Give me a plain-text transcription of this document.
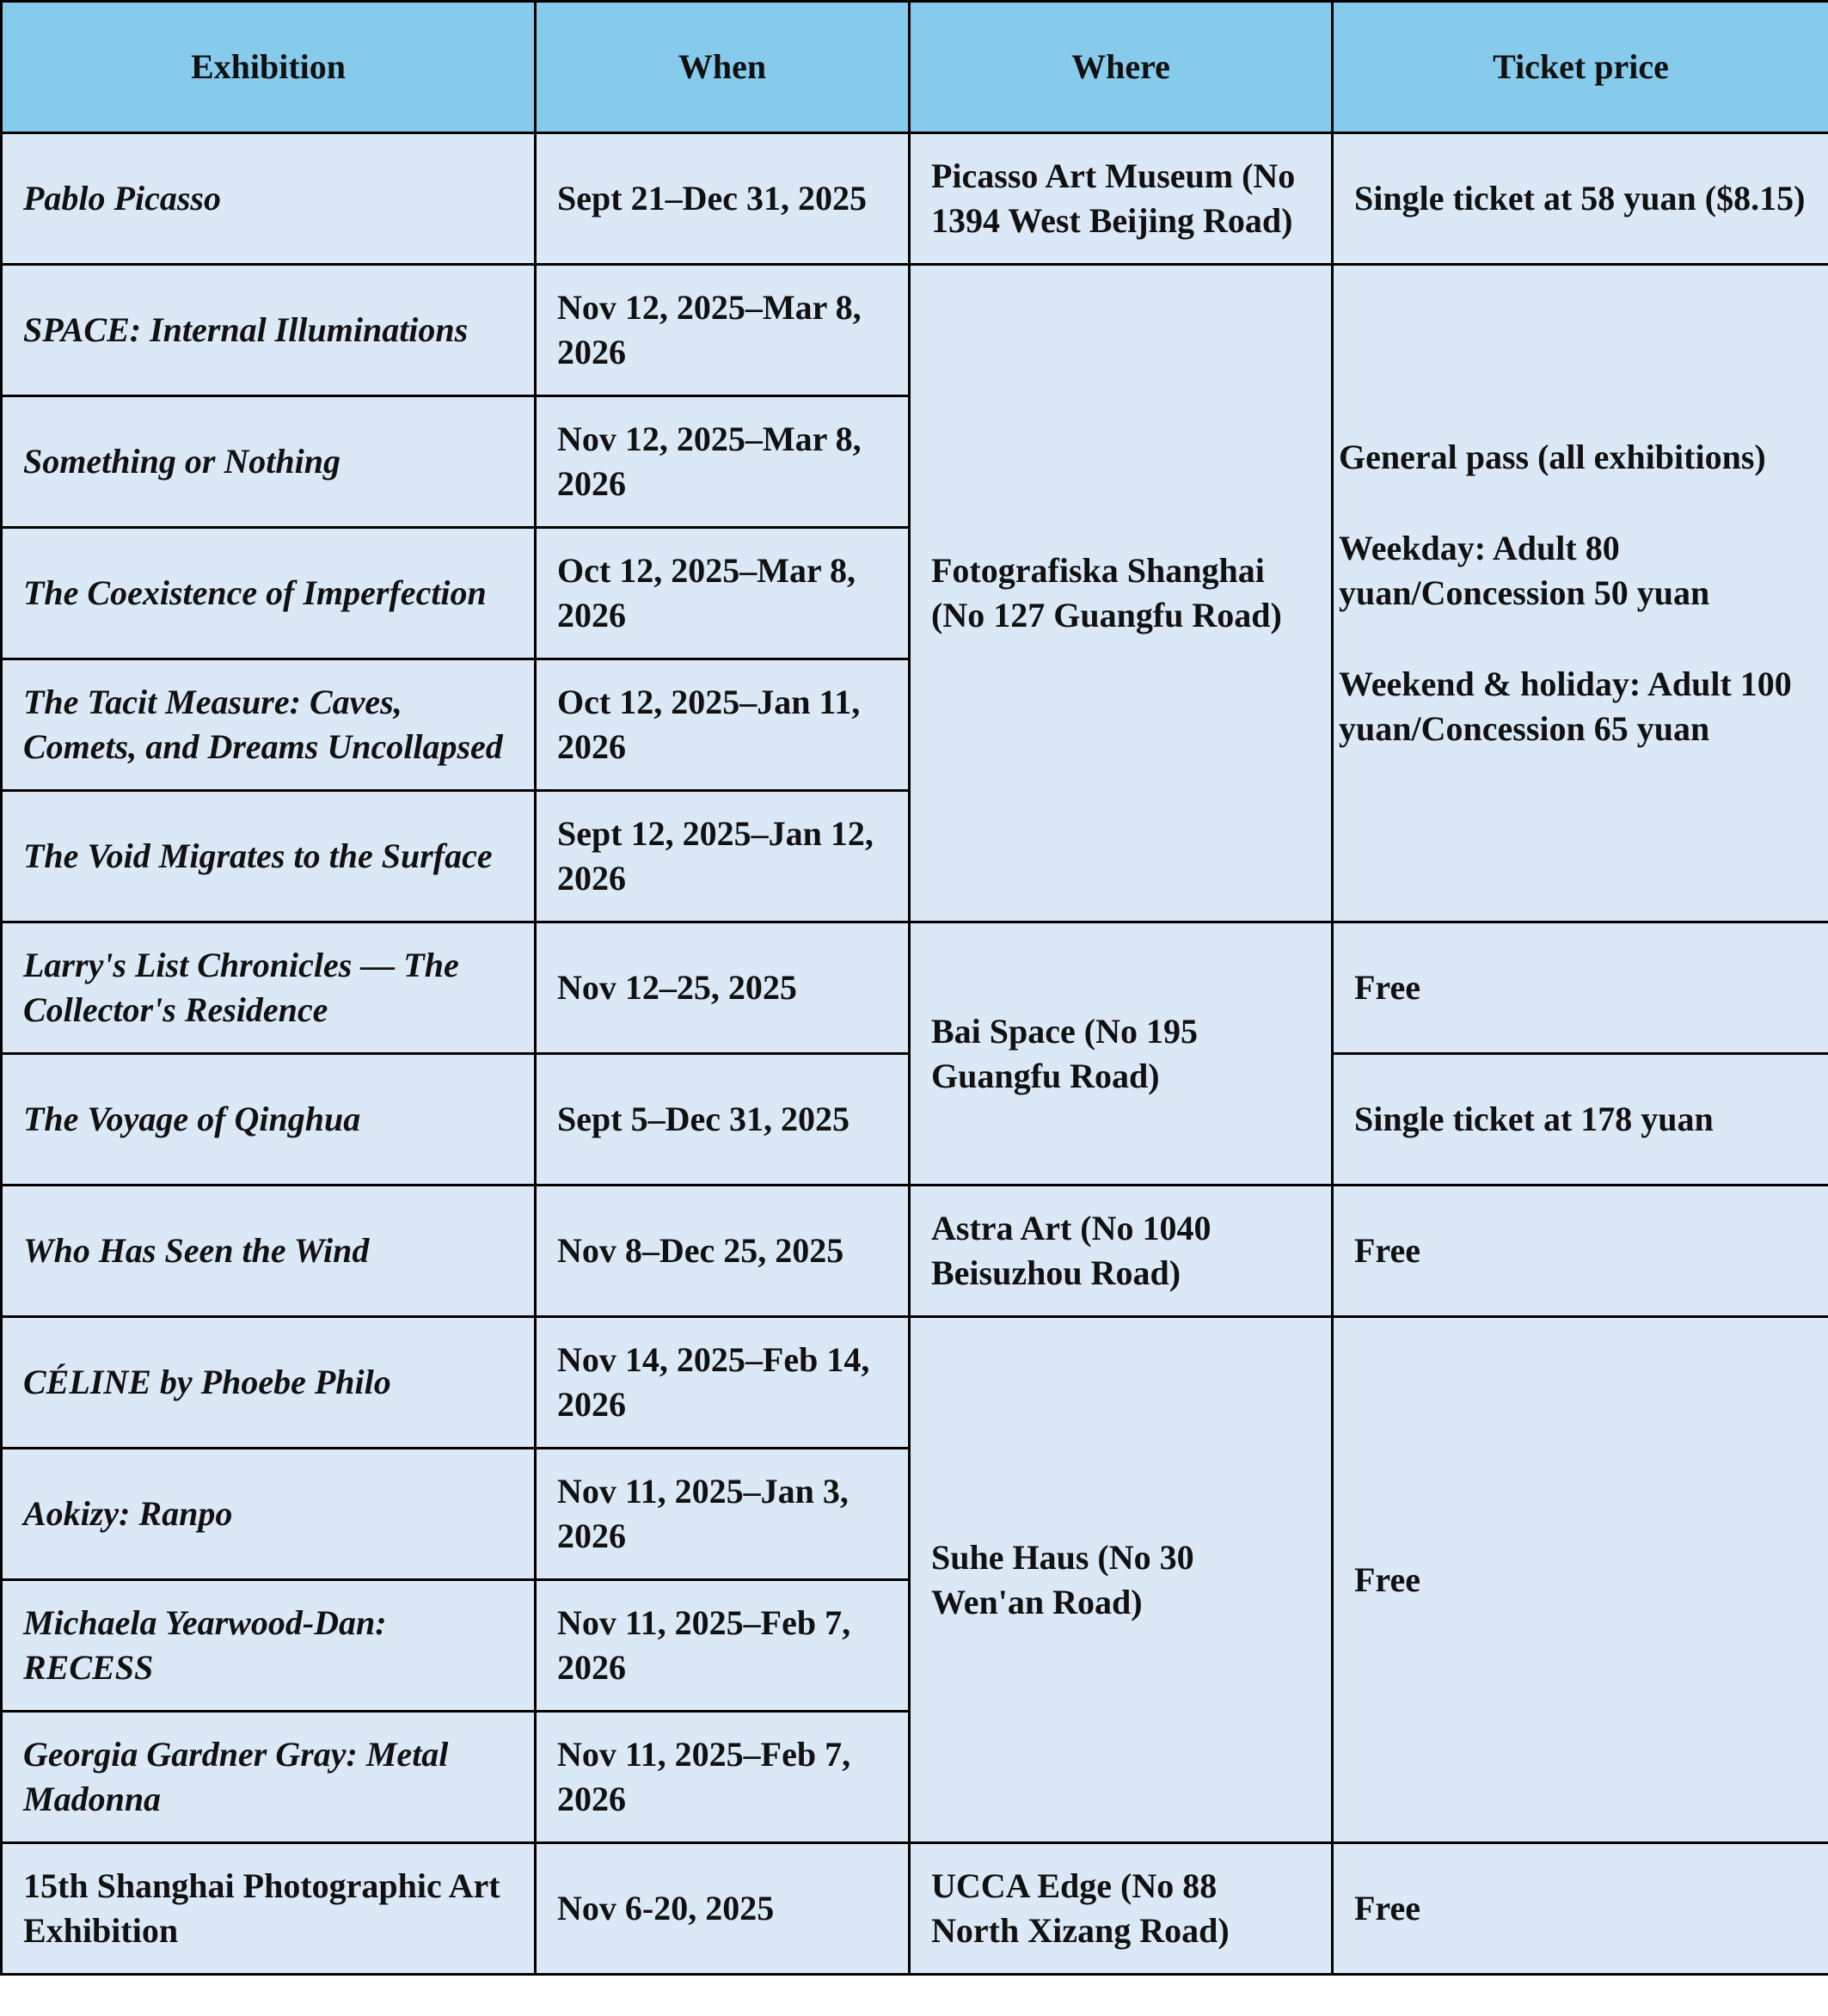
Exhibition	When	Where	Ticket price
Pablo Picasso	Sept 21–Dec 31, 2025	Picasso Art Museum (No 1394 West Beijing Road)	Single ticket at 58 yuan ($8.15)
SPACE: Internal Illuminations	Nov 12, 2025–Mar 8, 2026	Fotografiska Shanghai (No 127 Guangfu Road)	General pass (all exhibitions)
Weekday: Adult 80 yuan/Concession 50 yuan
Weekend & holiday: Adult 100 yuan/Concession 65 yuan

Something or Nothing	Nov 12, 2025–Mar 8, 2026		
The Coexistence of Imperfection	Oct 12, 2025–Mar 8, 2026		
The Tacit Measure: Caves, Comets, and Dreams Uncollapsed	Oct 12, 2025–Jan 11, 2026		
The Void Migrates to the Surface	Sept 12, 2025–Jan 12, 2026		
Larry's List Chronicles — The Collector's Residence	Nov 12–25, 2025	Bai Space (No 195 Guangfu Road)	Free
The Voyage of Qinghua	Sept 5–Dec 31, 2025		Single ticket at 178 yuan
Who Has Seen the Wind	Nov 8–Dec 25, 2025	Astra Art (No 1040 Beisuzhou Road)	Free
CÉLINE by Phoebe Philo	Nov 14, 2025–Feb 14, 2026	Suhe Haus (No 30 Wen'an Road)	Free
Aokizy: Ranpo	Nov 11, 2025–Jan 3, 2026		
Michaela Yearwood-Dan: RECESS	Nov 11, 2025–Feb 7, 2026		
Georgia Gardner Gray: Metal Madonna	Nov 11, 2025–Feb 7, 2026		
15th Shanghai Photographic Art Exhibition	Nov 6-20, 2025	UCCA Edge (No 88 North Xizang Road)	Free
